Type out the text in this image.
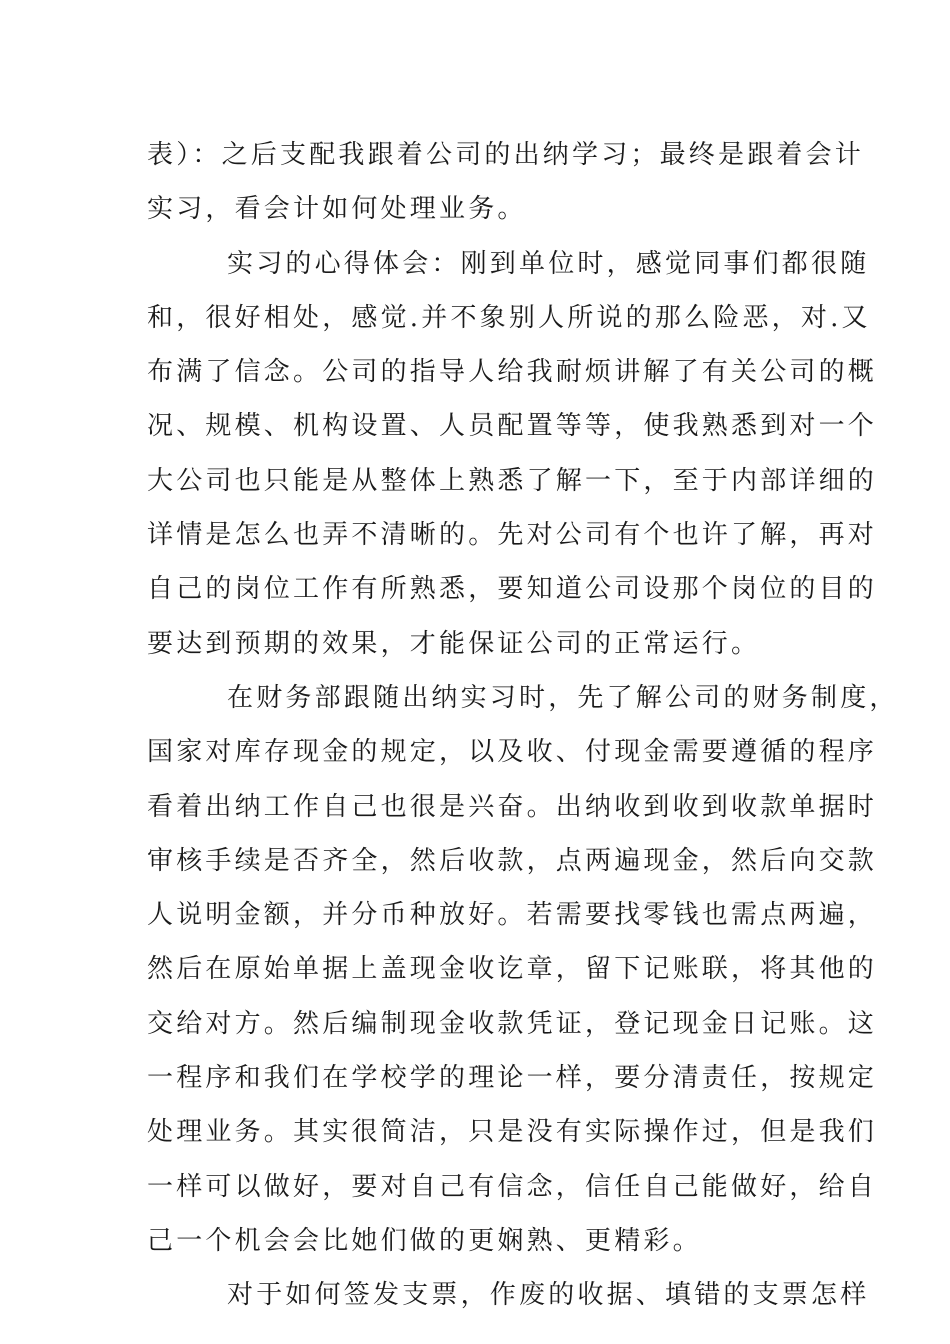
表）：之后支配我跟着公司的出纳学习；最终是跟着会计
实习，看会计如何处理业务。
实习的心得体会：刚到单位时，感觉同事们都很随
和，很好相处，感觉.并不象别人所说的那么险恶，对.又
布满了信念。公司的指导人给我耐烦讲解了有关公司的概
况、规模、机构设置、人员配置等等，使我熟悉到对一个
大公司也只能是从整体上熟悉了解一下，至于内部详细的
详情是怎么也弄不清晰的。先对公司有个也许了解，再对
自己的岗位工作有所熟悉，要知道公司设那个岗位的目的
要达到预期的效果，才能保证公司的正常运行。
在财务部跟随出纳实习时，先了解公司的财务制度，
国家对库存现金的规定，以及收、付现金需要遵循的程序
看着出纳工作自己也很是兴奋。出纳收到收到收款单据时
审核手续是否齐全，然后收款，点两遍现金，然后向交款
人说明金额，并分币种放好。若需要找零钱也需点两遍，
然后在原始单据上盖现金收讫章，留下记账联，将其他的
交给对方。然后编制现金收款凭证，登记现金日记账。这
一程序和我们在学校学的理论一样，要分清责任，按规定
处理业务。其实很简洁，只是没有实际操作过，但是我们
一样可以做好，要对自己有信念，信任自己能做好，给自
己一个机会会比她们做的更娴熟、更精彩。
对于如何签发支票，作废的收据、填错的支票怎样
